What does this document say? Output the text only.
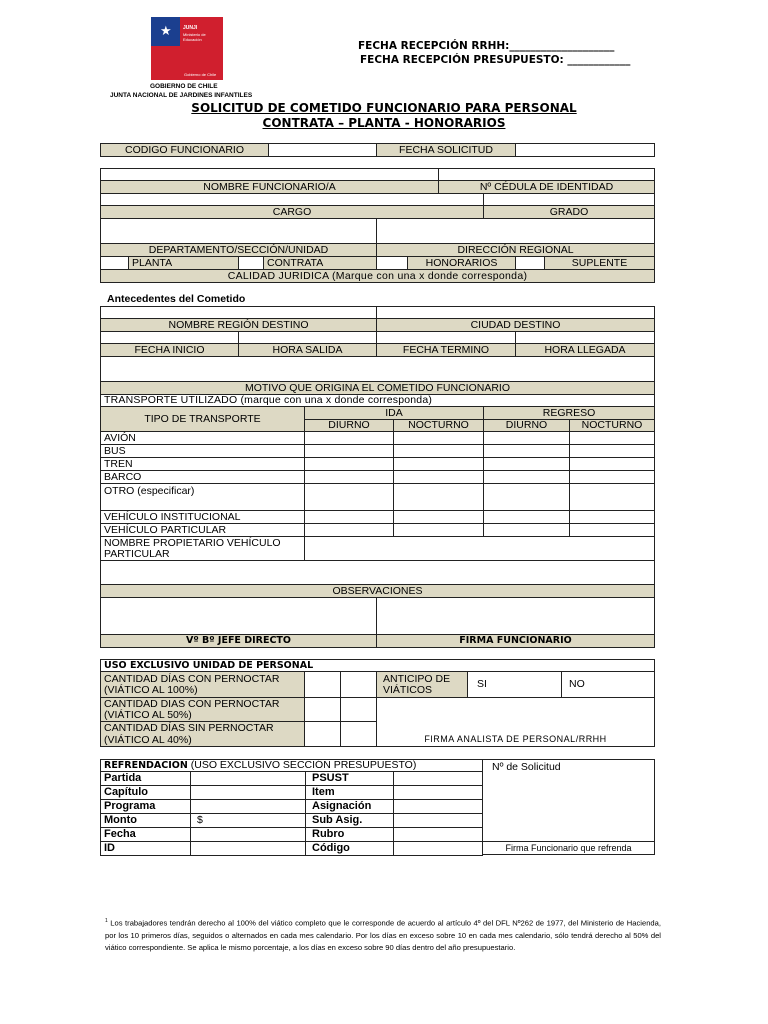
★ JUNJI
Ministerio de Educación
Gobierno de Chile
GOBIERNO DE CHILE
JUNTA NACIONAL DE JARDINES INFANTILES
FECHA RECEPCIÓN RRHH:____________________
FECHA RECEPCIÓN PRESUPUESTO: ____________
SOLICITUD DE COMETIDO FUNCIONARIO PARA PERSONAL
CONTRATA – PLANTA - HONORARIOS
CODIGO FUNCIONARIO	FECHA SOLICITUD
NOMBRE FUNCIONARIO/A	Nº CÉDULA DE IDENTIDAD
CARGO	GRADO
DEPARTAMENTO/SECCIÓN/UNIDAD	DIRECCIÓN REGIONAL
PLANTA	CONTRATA	HONORARIOS	SUPLENTE
CALIDAD JURIDICA (Marque con una x donde corresponda)
Antecedentes del Cometido
NOMBRE REGIÓN DESTINO	CIUDAD DESTINO
FECHA INICIO	HORA SALIDA	FECHA TERMINO	HORA LLEGADA
MOTIVO QUE ORIGINA EL COMETIDO FUNCIONARIO
TRANSPORTE UTILIZADO (marque con una x donde corresponda)
TIPO DE TRANSPORTE	IDA	REGRESO
DIURNO	NOCTURNO	DIURNO	NOCTURNO
AVIÓN
BUS
TREN
BARCO
OTRO (especificar)
VEHÍCULO INSTITUCIONAL
VEHÍCULO PARTICULAR
NOMBRE PROPIETARIO VEHÍCULO
PARTICULAR
OBSERVACIONES
Vº Bº JEFE DIRECTO	FIRMA FUNCIONARIO
USO EXCLUSIVO UNIDAD DE PERSONAL
CANTIDAD DÍAS CON PERNOCTAR
(VIÁTICO AL 100%)
ANTICIPO DE
VIÁTICOS	SI	NO
CANTIDAD DIAS CON PERNOCTAR
(VIÁTICO AL 50%)
CANTIDAD DÍAS SIN PERNOCTAR
(VIÁTICO AL 40%)	FIRMA ANALISTA DE PERSONAL/RRHH
REFRENDACIÓN (USO EXCLUSIVO SECCIÓN PRESUPUESTO)	Nº de Solicitud
Firma Funcionario que refrenda
Partida	PSUST
Capítulo	Item
Programa	Asignación
Monto	$	Sub Asig.
Fecha	Rubro
ID	Código
$^1$ Los trabajadores tendrán derecho al 100% del viático completo que le corresponde de acuerdo al artículo 4º del DFL Nº262 de 1977, del Ministerio de Hacienda, por los 10 primeros días, seguidos o alternados en cada mes calendario. Por los días en exceso sobre 10 en cada mes calendario, sólo tendrá derecho al 50% del viático correspondiente. Se aplica le mismo porcentaje, a los días en exceso sobre 90 días dentro del año presupuestario.
